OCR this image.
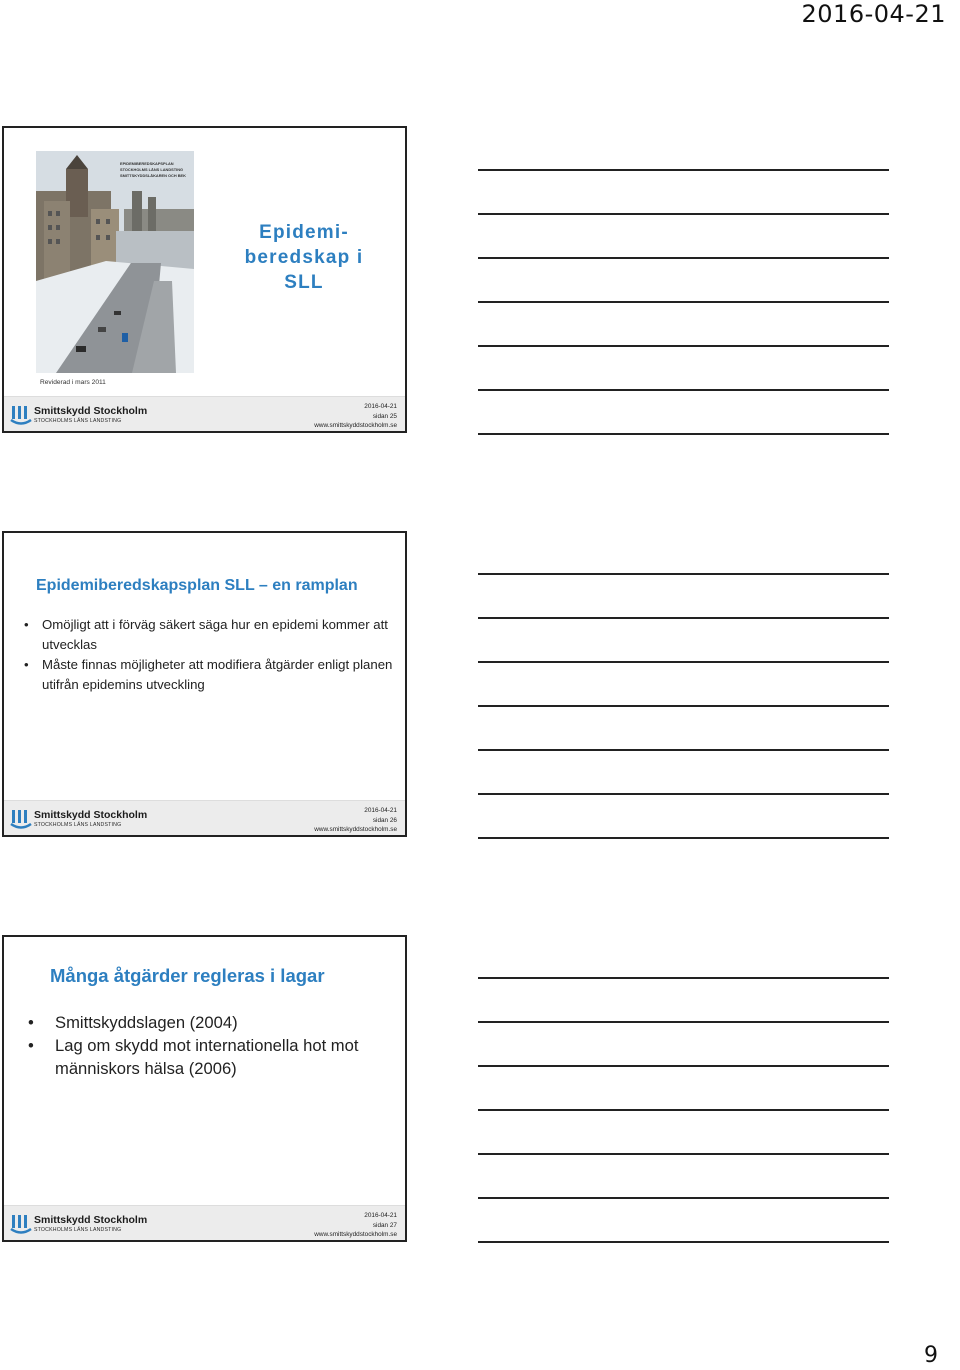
2016-04-21
EPIDEMIBEREDSKAPSPLAN
STOCKHOLMS LÄNS LANDSTING
SMITTSKYDDSLÄKAREN OCH BEK
Reviderad i mars 2011
Epidemi-
beredskap i
SLL
Smittskydd Stockholm
STOCKHOLMS LÄNS LANDSTING
2016-04-21
sidan 25
www.smittskyddstockholm.se
Epidemiberedskapsplan SLL – en ramplan
• Omöjligt att i förväg säkert säga hur en epidemi kommer att utvecklas
• Måste finnas möjligheter att modifiera åtgärder enligt planen utifrån epidemins utveckling
Smittskydd Stockholm
STOCKHOLMS LÄNS LANDSTING
2016-04-21
sidan 26
www.smittskyddstockholm.se
Många åtgärder regleras i lagar
• Smittskyddslagen (2004)
• Lag om skydd mot internationella hot mot människors hälsa (2006)
Smittskydd Stockholm
STOCKHOLMS LÄNS LANDSTING
2016-04-21
sidan 27
www.smittskyddstockholm.se
9
